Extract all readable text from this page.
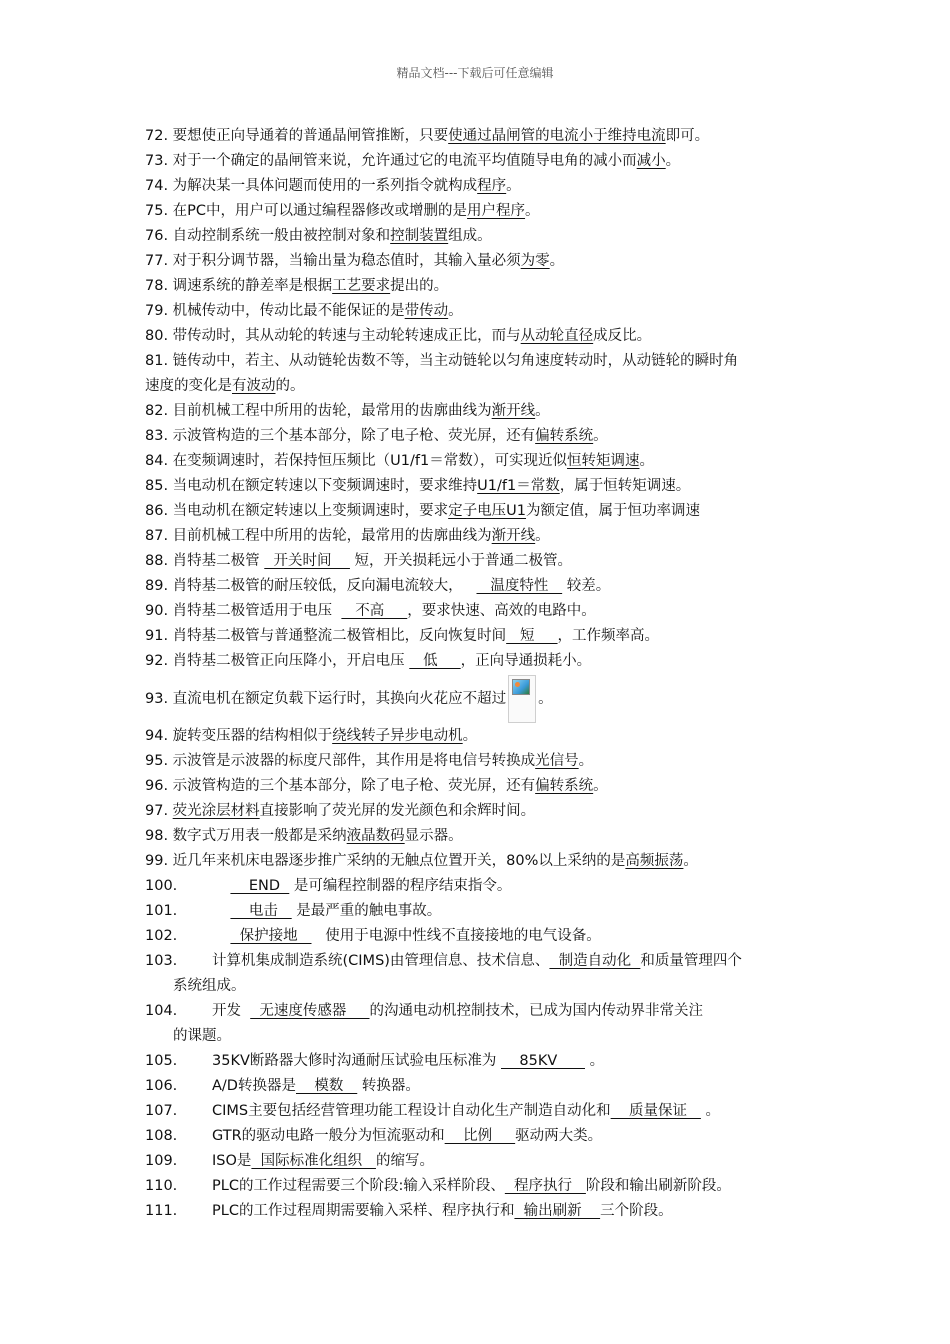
精品文档---下载后可任意编辑
72. 要想使正向导通着的普通晶闸管推断，只要使通过晶闸管的电流小于维持电流即可。
73. 对于一个确定的晶闸管来说，允许通过它的电流平均值随导电角的减小而减小。
74. 为解决某一具体问题而使用的一系列指令就构成程序。
75. 在PC中，用户可以通过编程器修改或增删的是用户程序。
76. 自动控制系统一般由被控制对象和控制装置组成。
77. 对于积分调节器，当输出量为稳态值时，其输入量必须为零。
78. 调速系统的静差率是根据工艺要求提出的。
79. 机械传动中，传动比最不能保证的是带传动。
80. 带传动时，其从动轮的转速与主动轮转速成正比，而与从动轮直径成反比。
81. 链传动中，若主、从动链轮齿数不等，当主动链轮以匀角速度转动时，从动链轮的瞬时角
速度的变化是有波动的。
82. 目前机械工程中所用的齿轮，最常用的齿廓曲线为渐开线。
83. 示波管构造的三个基本部分，除了电子枪、荧光屏，还有偏转系统。
84. 在变频调速时，若保持恒压频比（U1/f1＝常数），可实现近似恒转矩调速。
85. 当电动机在额定转速以下变频调速时，要求维持U1/f1＝常数，属于恒转矩调速。
86. 当电动机在额定转速以上变频调速时，要求定子电压U1为额定值，属于恒功率调速
87. 目前机械工程中所用的齿轮，最常用的齿廓曲线为渐开线。
88. 肖特基二极管   开关时间     短，开关损耗远小于普通二极管。
89. 肖特基二极管的耐压较低，反向漏电流较大，      温度特性    较差。
90. 肖特基二极管适用于电压     不高     ，要求快速、高效的电路中。
91. 肖特基二极管与普通整流二极管相比，反向恢复时间   短     ，工作频率高。
92. 肖特基二极管正向压降小，开启电压    低     ，正向导通损耗小。
93. 直流电机在额定负载下运行时，其换向火花应不超过 。
94. 旋转变压器的结构相似于绕线转子异步电动机。
95. 示波管是示波器的标度尺部件，其作用是将电信号转换成光信号。
96. 示波管构造的三个基本部分，除了电子枪、荧光屏，还有偏转系统。
97. 荧光涂层材料直接影响了荧光屏的发光颜色和余辉时间。
98. 数字式万用表一般都是采纳液晶数码显示器。
99. 近几年来机床电器逐步推广采纳的无触点位置开关，80%以上采纳的是高频振荡。
100.	END   是可编程控制器的程序结束指令。
101.	电击    是最严重的触电事故。
102.	保护接地      使用于电源中性线不直接接地的电气设备。
103.	计算机集成制造系统(CIMS)由管理信息、技术信息、  制造自动化  和质量管理四个
系统组成。
104.	开发    无速度传感器     的沟通电动机控制技术，已成为国内传动界非常关注
的课题。
105.	35KV断路器大修时沟通耐压试验电压标准为     85KV       。
106.	A/D转换器是    模数    转换器。
107.	CIMS主要包括经营管理功能工程设计自动化生产制造自动化和    质量保证    。
108.	GTR的驱动电路一般分为恒流驱动和    比例     驱动两大类。
109.	ISO是  国际标准化组织   的缩写。
110.	PLC的工作过程需要三个阶段:输入采样阶段、  程序执行   阶段和输出刷新阶段。
111.	PLC的工作过程周期需要输入采样、程序执行和  输出刷新    三个阶段。
